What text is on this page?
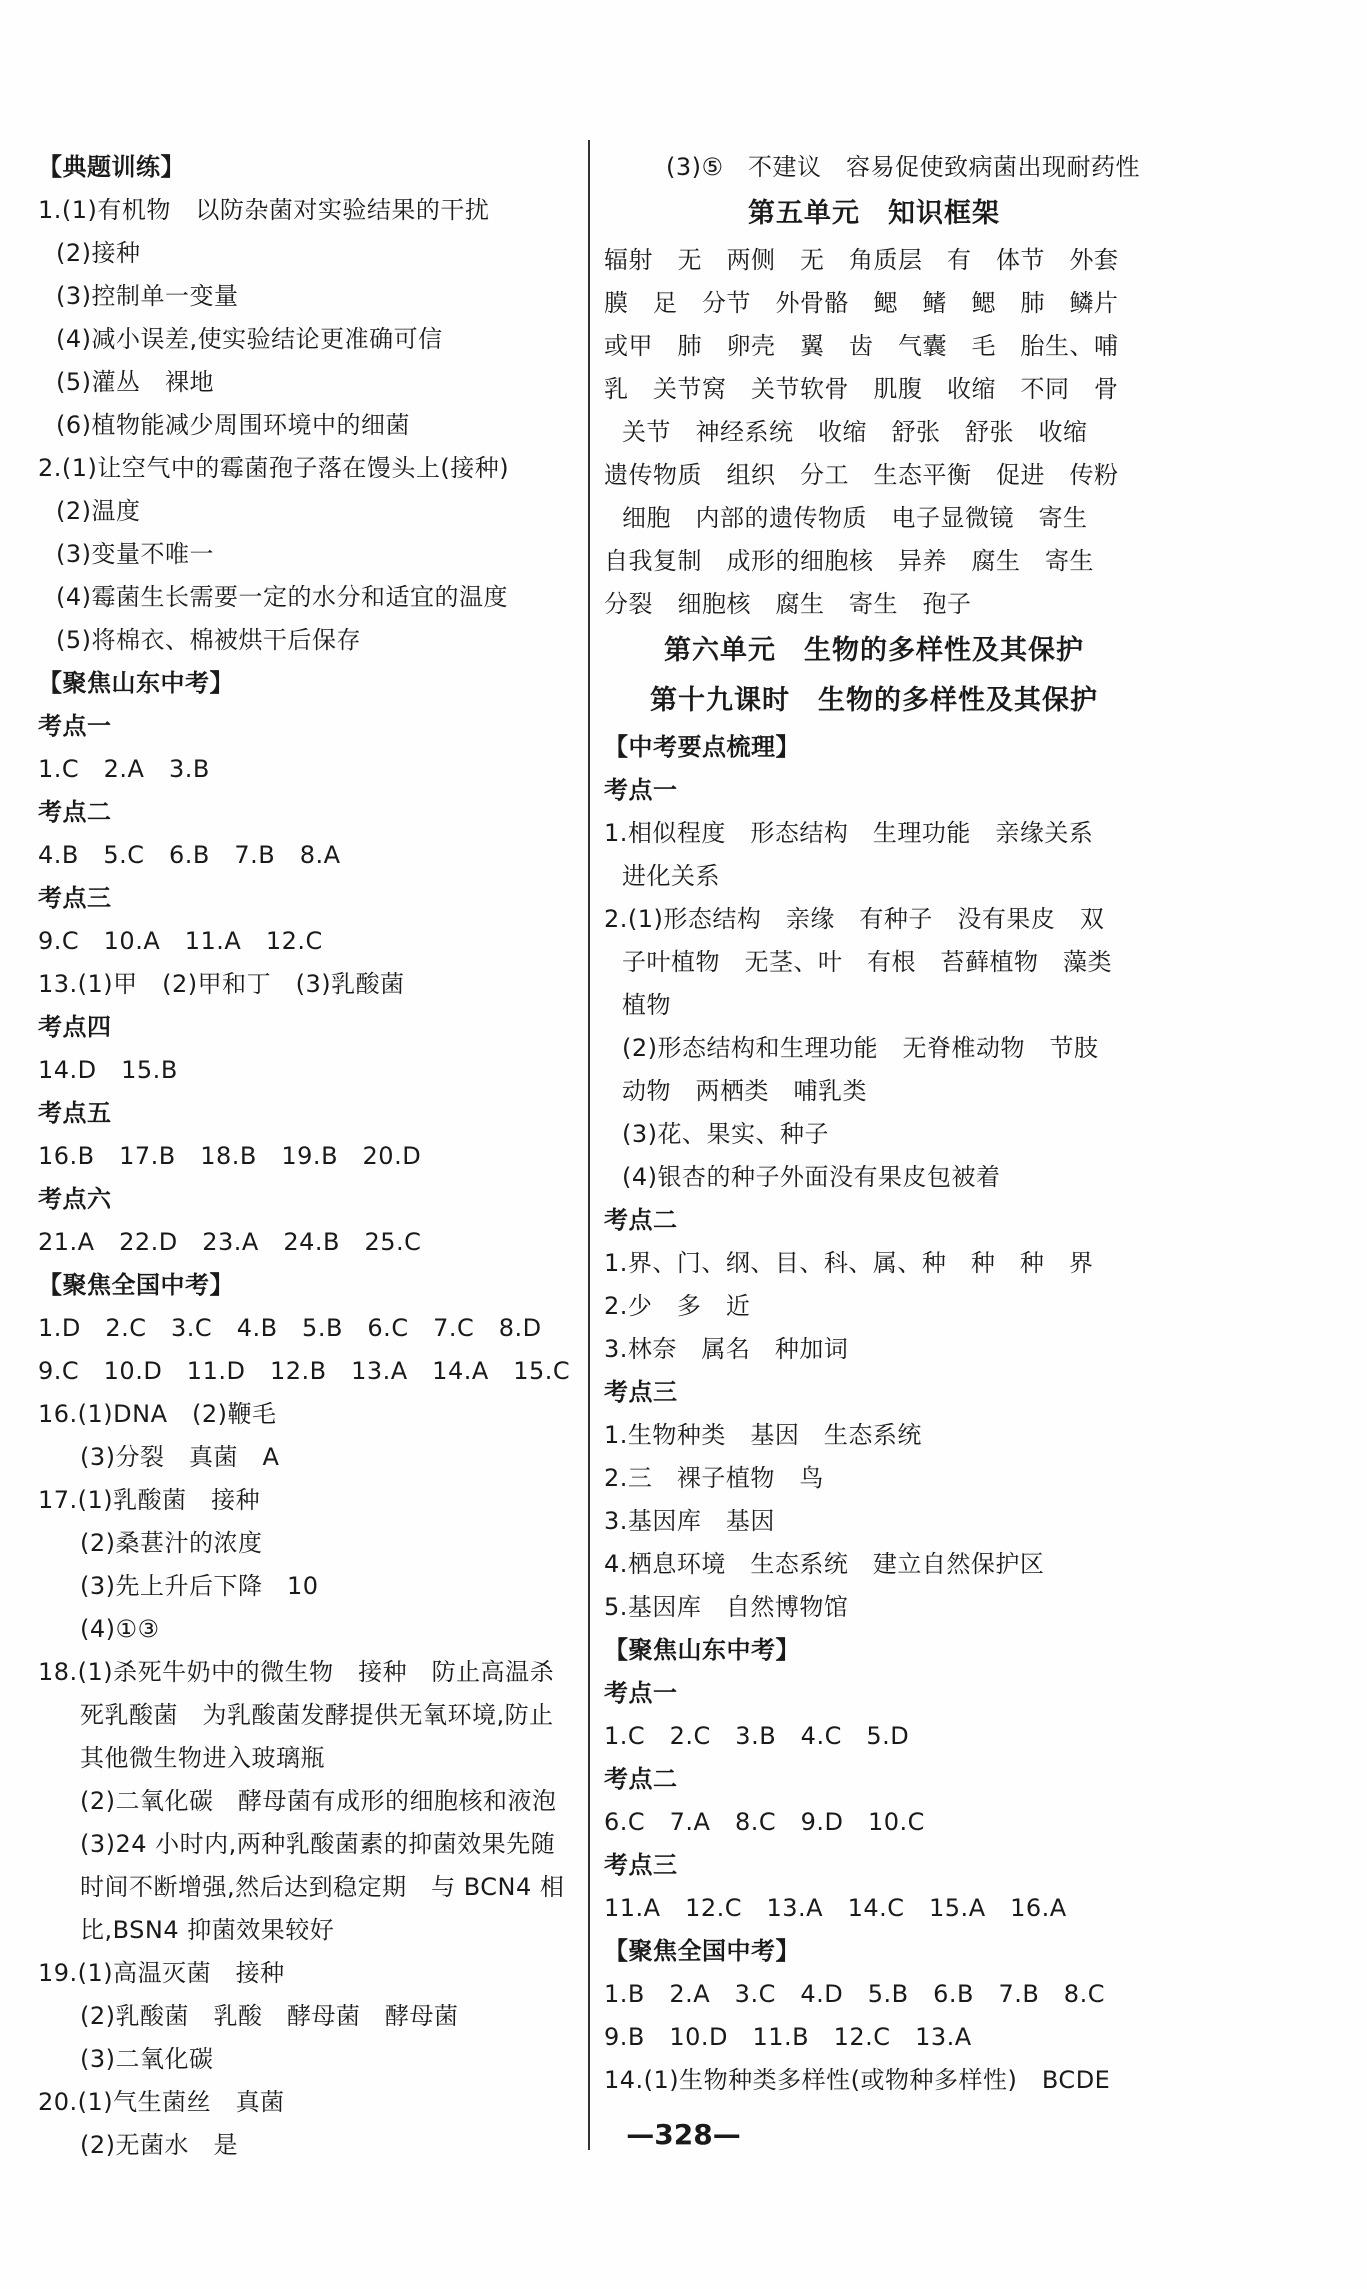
【典题训练】
1.(1)有机物　以防杂菌对实验结果的干扰
(2)接种
(3)控制单一变量
(4)减小误差,使实验结论更准确可信
(5)灌丛　裸地
(6)植物能减少周围环境中的细菌
2.(1)让空气中的霉菌孢子落在馒头上(接种)
(2)温度
(3)变量不唯一
(4)霉菌生长需要一定的水分和适宜的温度
(5)将棉衣、棉被烘干后保存
【聚焦山东中考】
考点一
1.C　2.A　3.B
考点二
4.B　5.C　6.B　7.B　8.A
考点三
9.C　10.A　11.A　12.C
13.(1)甲　(2)甲和丁　(3)乳酸菌
考点四
14.D　15.B
考点五
16.B　17.B　18.B　19.B　20.D
考点六
21.A　22.D　23.A　24.B　25.C
【聚焦全国中考】
1.D　2.C　3.C　4.B　5.B　6.C　7.C　8.D
9.C　10.D　11.D　12.B　13.A　14.A　15.C
16.(1)DNA　(2)鞭毛
(3)分裂　真菌　A
17.(1)乳酸菌　接种
(2)桑葚汁的浓度
(3)先上升后下降　10
(4)①③
18.(1)杀死牛奶中的微生物　接种　防止高温杀
死乳酸菌　为乳酸菌发酵提供无氧环境,防止
其他微生物进入玻璃瓶
(2)二氧化碳　酵母菌有成形的细胞核和液泡
(3)24 小时内,两种乳酸菌素的抑菌效果先随
时间不断增强,然后达到稳定期　与 BCN4 相
比,BSN4 抑菌效果较好
19.(1)高温灭菌　接种
(2)乳酸菌　乳酸　酵母菌　酵母菌
(3)二氧化碳
20.(1)气生菌丝　真菌
(2)无菌水　是
(3)⑤　不建议　容易促使致病菌出现耐药性
第五单元　知识框架
辐射　无　两侧　无　角质层　有　体节　外套
膜　足　分节　外骨骼　鳃　鳍　鳃　肺　鳞片
或甲　肺　卵壳　翼　齿　气囊　毛　胎生、哺
乳　关节窝　关节软骨　肌腹　收缩　不同　骨
关节　神经系统　收缩　舒张　舒张　收缩
遗传物质　组织　分工　生态平衡　促进　传粉
细胞　内部的遗传物质　电子显微镜　寄生
自我复制　成形的细胞核　异养　腐生　寄生
分裂　细胞核　腐生　寄生　孢子
第六单元　生物的多样性及其保护
第十九课时　生物的多样性及其保护
【中考要点梳理】
考点一
1.相似程度　形态结构　生理功能　亲缘关系
进化关系
2.(1)形态结构　亲缘　有种子　没有果皮　双
子叶植物　无茎、叶　有根　苔藓植物　藻类
植物
(2)形态结构和生理功能　无脊椎动物　节肢
动物　两栖类　哺乳类
(3)花、果实、种子
(4)银杏的种子外面没有果皮包被着
考点二
1.界、门、纲、目、科、属、种　种　种　界
2.少　多　近
3.林奈　属名　种加词
考点三
1.生物种类　基因　生态系统
2.三　裸子植物　鸟
3.基因库　基因
4.栖息环境　生态系统　建立自然保护区
5.基因库　自然博物馆
【聚焦山东中考】
考点一
1.C　2.C　3.B　4.C　5.D
考点二
6.C　7.A　8.C　9.D　10.C
考点三
11.A　12.C　13.A　14.C　15.A　16.A
【聚焦全国中考】
1.B　2.A　3.C　4.D　5.B　6.B　7.B　8.C
9.B　10.D　11.B　12.C　13.A
14.(1)生物种类多样性(或物种多样性)　BCDE
—328—
